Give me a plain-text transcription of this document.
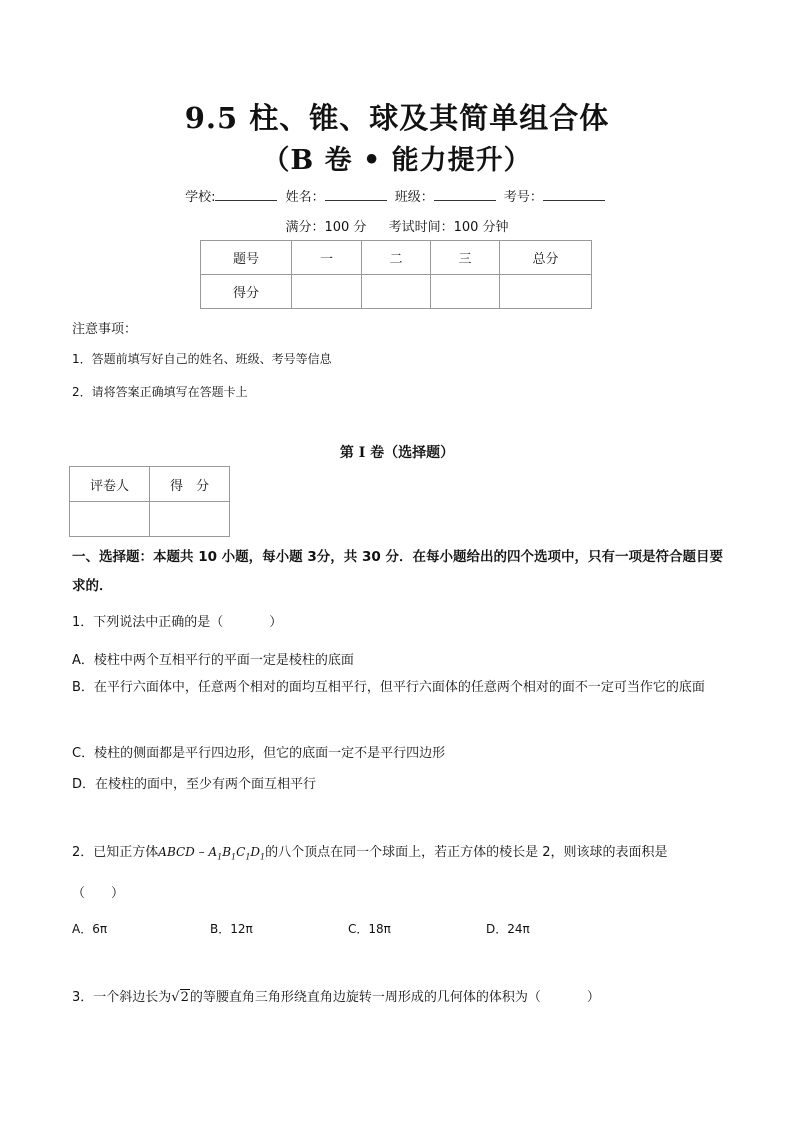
9.5 柱、锥、球及其简单组合体
（B 卷 • 能力提升）
学校:	姓名：	班级：	考号：
满分：100 分 考试时间：100 分钟
题号	一	二	三	总分
得分				
注意事项：
1．答题前填写好自己的姓名、班级、考号等信息
2．请将答案正确填写在答题卡上
第 I 卷（选择题）
评卷人	得　分

一、选择题：本题共 10 小题，每小题 3分，共 30 分．在每小题给出的四个选项中，只有一项是符合题目要求的．
1．下列说法中正确的是（	）
A．棱柱中两个互相平行的平面一定是棱柱的底面
B．在平行六面体中，任意两个相对的面均互相平行，但平行六面体的任意两个相对的面不一定可当作它的底面
C．棱柱的侧面都是平行四边形，但它的底面一定不是平行四边形
D．在棱柱的面中，至少有两个面互相平行
2．已知正方体ABCD – $A_1B_1C_1D_1$的八个顶点在同一个球面上，若正方体的棱长是 2，则该球的表面积是
（　　）
A．6π	B．12π	C．18π	D．24π
3．一个斜边长为√2的等腰直角三角形绕直角边旋转一周形成的几何体的体积为（	）
